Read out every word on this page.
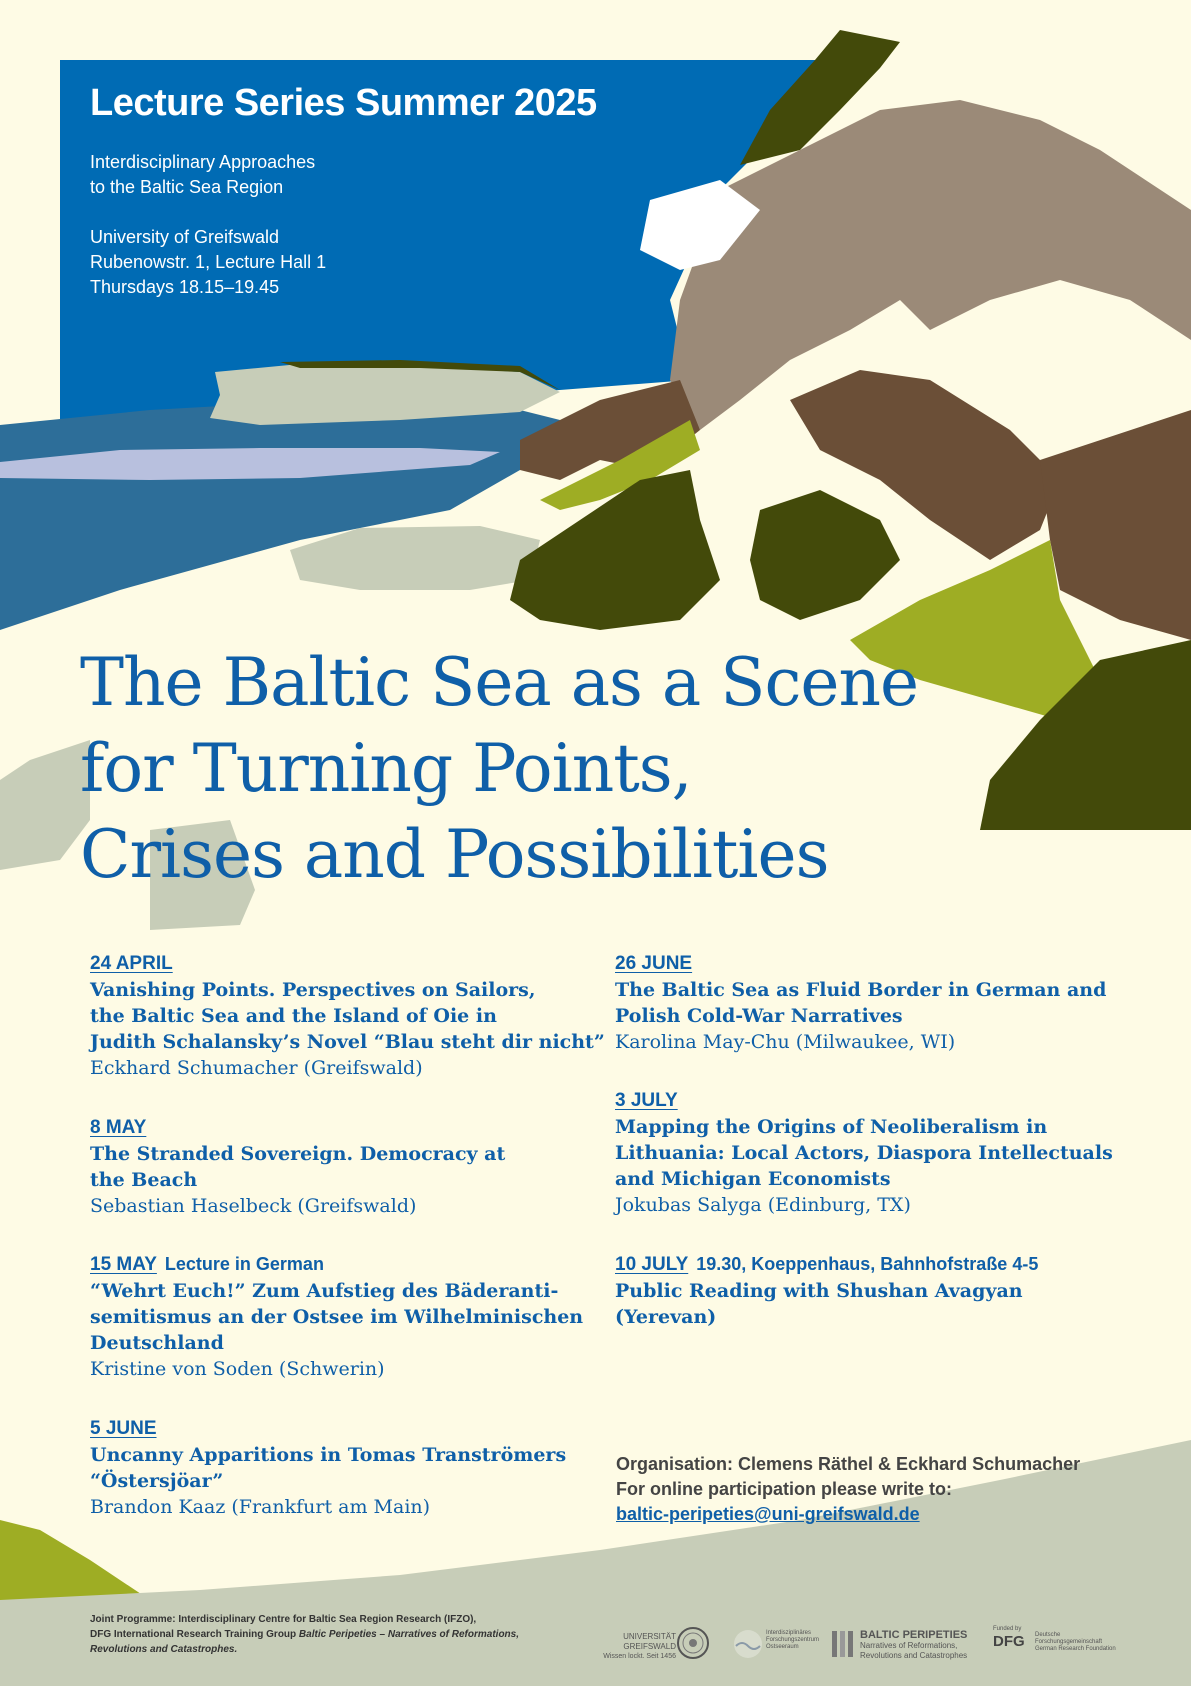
Lecture Series Summer 2025
Interdisciplinary Approaches
to the Baltic Sea Region
University of Greifswald
Rubenowstr. 1, Lecture Hall 1
Thursdays 18.15–19.45
The Baltic Sea as a Scene
for Turning Points,
Crises and Possibilities
24 APRIL
Vanishing Points. Perspectives on Sailors,
the Baltic Sea and the Island of Oie in
Judith Schalansky’s Novel “Blau steht dir nicht”
Eckhard Schumacher (Greifswald)
8 MAY
The Stranded Sovereign. Democracy at
the Beach
Sebastian Haselbeck (Greifswald)
15 MAY Lecture in German
“Wehrt Euch!” Zum Aufstieg des Bäderanti-
semitismus an der Ostsee im Wilhelminischen
Deutschland
Kristine von Soden (Schwerin)
5 JUNE
Uncanny Apparitions in Tomas Tranströmers
“Östersjöar”
Brandon Kaaz (Frankfurt am Main)
26 JUNE
The Baltic Sea as Fluid Border in German and
Polish Cold-War Narratives
Karolina May-Chu (Milwaukee, WI)
3 JULY
Mapping the Origins of Neoliberalism in
Lithuania: Local Actors, Diaspora Intellectuals
and Michigan Economists
Jokubas Salyga (Edinburg, TX)
10 JULY 19.30, Koeppenhaus, Bahnhofstraße 4-5
Public Reading with Shushan Avagyan
(Yerevan)
Organisation: Clemens Räthel & Eckhard Schumacher
For online participation please write to:
baltic-peripeties@uni-greifswald.de
Joint Programme: Interdisciplinary Centre for Baltic Sea Region Research (IFZO),
DFG International Research Training Group Baltic Peripeties – Narratives of Reformations,
Revolutions and Catastrophes.
UNIVERSITÄT GREIFSWALD
Wissen lockt. Seit 1456
Interdisziplinäres
Forschungszentrum
Ostseeraum
BALTIC PERIPETIES
Narratives of Reformations,
Revolutions and Catastrophes
Funded by
DFG Deutsche
Forschungsgemeinschaft
German Research Foundation
